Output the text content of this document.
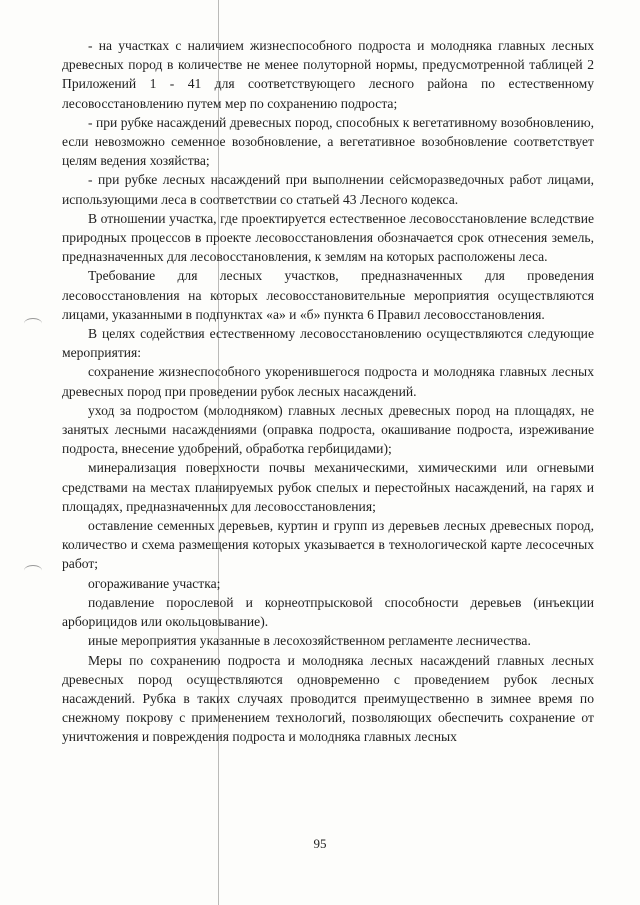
- на участках с наличием жизнеспособного подроста и молодняка главных лесных древесных пород в количестве не менее полуторной нормы, предусмотренной таблицей 2 Приложений 1 - 41 для соответствующего лесного района по естественному лесовосстановлению путем мер по сохранению подроста;

- при рубке насаждений древесных пород, способных к вегетативному возобновлению, если невозможно семенное возобновление, а вегетативное возобновление соответствует целям ведения хозяйства;

- при рубке лесных насаждений при выполнении сейсморазведочных работ лицами, использующими леса в соответствии со статьей 43 Лесного кодекса.

В отношении участка, где проектируется естественное лесовосстановление вследствие природных процессов в проекте лесовосстановления обозначается срок отнесения земель, предназначенных для лесовосстановления, к землям на которых расположены леса.

Требование для лесных участков, предназначенных для проведения лесовосстановления на которых лесовосстановительные мероприятия осуществляются лицами, указанными в подпунктах «а» и «б» пункта 6 Правил лесовосстановления.

В целях содействия естественному лесовосстановлению осуществляются следующие мероприятия:

сохранение жизнеспособного укоренившегося подроста и молодняка главных лесных древесных пород при проведении рубок лесных насаждений.

уход за подростом (молодняком) главных лесных древесных пород на площадях, не занятых лесными насаждениями (оправка подроста, окашивание подроста, изреживание подроста, внесение удобрений, обработка гербицидами);

минерализация поверхности почвы механическими, химическими или огневыми средствами на местах планируемых рубок спелых и перестойных насаждений, на гарях и площадях, предназначенных для лесовосстановления;

оставление семенных деревьев, куртин и групп из деревьев лесных древесных пород, количество и схема размещения которых указывается в технологической карте лесосечных работ;

огораживание участка;

подавление порослевой и корнеотпрысковой способности деревьев (инъекции арборицидов или окольцовывание).

иные мероприятия указанные в лесохозяйственном регламенте лесничества.

Меры по сохранению подроста и молодняка лесных насаждений главных лесных древесных пород осуществляются одновременно с проведением рубок лесных насаждений. Рубка в таких случаях проводится преимущественно в зимнее время по снежному покрову с применением технологий, позволяющих обеспечить сохранение от уничтожения и повреждения подроста и молодняка главных лесных

95
